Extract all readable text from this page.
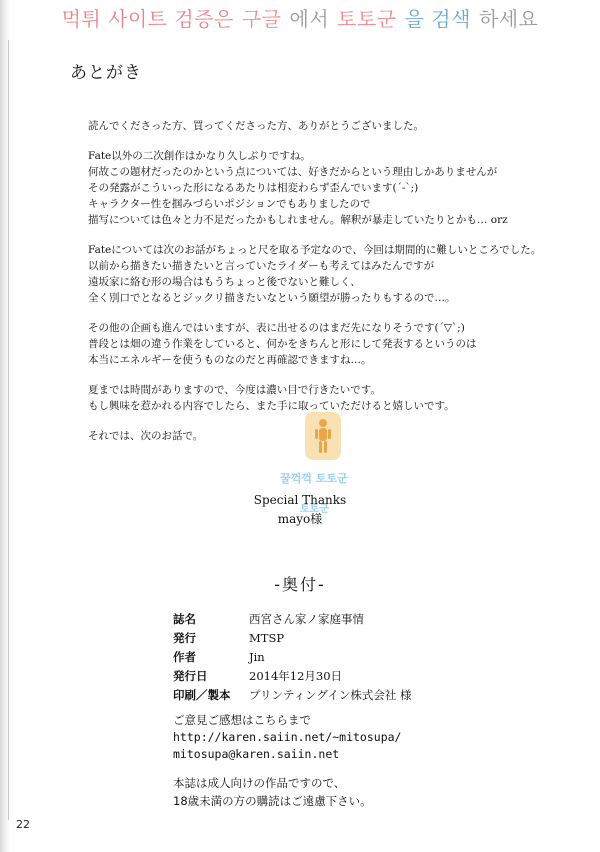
먹튀 사이트 검증은 구글 에서 토토군 을 검색 하세요
あとがき
読んでくださった方、買ってくださった方、ありがとうございました。
Fate以外の二次創作はかなり久しぶりですね。
何故この題材だったのかという点については、好きだからという理由しかありませんが
その発露がこういった形になるあたりは相変わらず歪んでいます(´-`;)
キャラクター性を掴みづらいポジションでもありましたので
描写については色々と力不足だったかもしれません。解釈が暴走していたりとかも… orz
Fateについては次のお話がちょっと尺を取る予定なので、今回は期間的に難しいところでした。
以前から描きたい描きたいと言っていたライダーも考えてはみたんですが
遠坂家に絡む形の場合はもうちょっと後でないと難しく、
全く別口でとなるとジックリ描きたいなという願望が勝ったりもするので…。
その他の企画も進んではいますが、表に出せるのはまだ先になりそうです(´▽`;)
普段とは畑の違う作業をしていると、何かをきちんと形にして発表するというのは
本当にエネルギーを使うものなのだと再確認できますね…。
夏までは時間がありますので、今度は濃い目で行きたいです。
もし興味を惹かれる内容でしたら、また手に取っていただけると嬉しいです。
それでは、次のお話で。
꿀꺽꺽 토토군
토토군
Special Thanks
mayo様
-奥付-
誌名	西宮さん家ノ家庭事情
発行	MTSP
作者	Jin
発行日	2014年12月30日
印刷／製本	プリンティングイン株式会社 様
ご意見ご感想はこちらまで
http://karen.saiin.net/~mitosupa/
mitosupa@karen.saiin.net
本誌は成人向けの作品ですので、
18歳未満の方の購読はご遠慮下さい。
22
